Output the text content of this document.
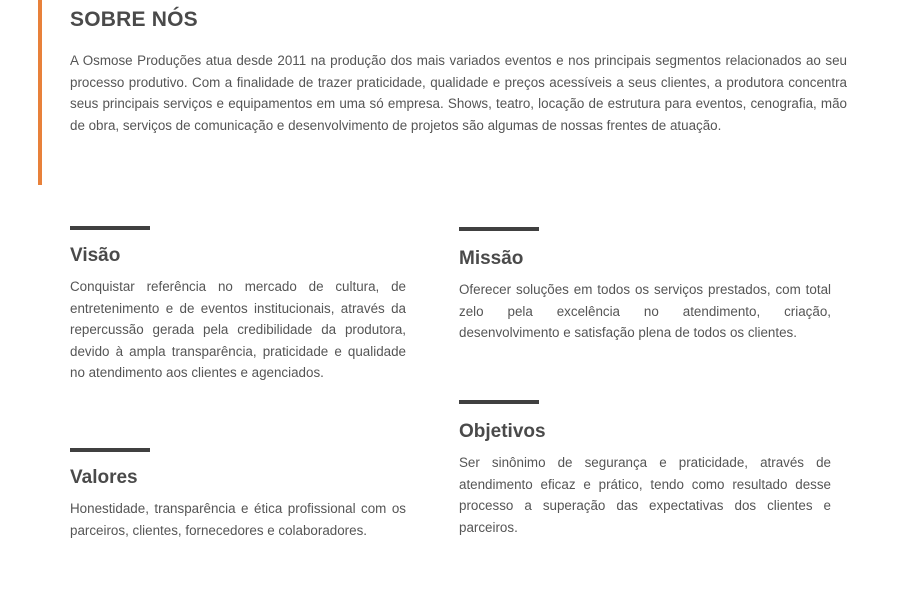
SOBRE NÓS

A Osmose Produções atua desde 2011 na produção dos mais variados eventos e nos principais segmentos relacionados ao seu processo produtivo. Com a finalidade de trazer praticidade, qualidade e preços acessíveis a seus clientes, a produtora concentra seus principais serviços e equipamentos em uma só empresa. Shows, teatro, locação de estrutura para eventos, cenografia, mão de obra, serviços de comunicação e desenvolvimento de projetos são algumas de nossas frentes de atuação.

Visão

Conquistar referência no mercado de cultura, de entretenimento e de eventos institucionais, através da repercussão gerada pela credibilidade da produtora, devido à ampla transparência, praticidade e qualidade no atendimento aos clientes e agenciados.

Missão

Oferecer soluções em todos os serviços prestados, com total zelo pela excelência no atendimento, criação, desenvolvimento e satisfação plena de todos os clientes.

Valores

Honestidade, transparência e ética profissional com os parceiros, clientes, fornecedores e colaboradores.

Objetivos

Ser sinônimo de segurança e praticidade, através de atendimento eficaz e prático, tendo como resultado desse processo a superação das expectativas dos clientes e parceiros.
